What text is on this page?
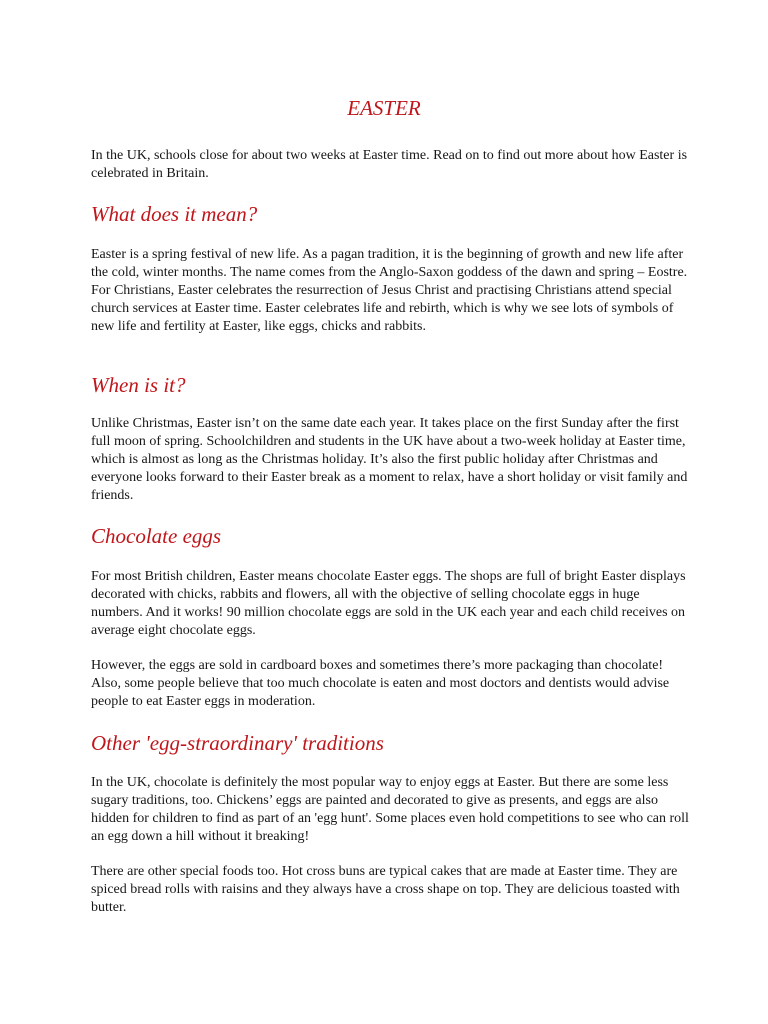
EASTER

In the UK, schools close for about two weeks at Easter time. Read on to find out more about how Easter is celebrated in Britain.

What does it mean?

Easter is a spring festival of new life. As a pagan tradition, it is the beginning of growth and new life after the cold, winter months. The name comes from the Anglo-Saxon goddess of the dawn and spring – Eostre. For Christians, Easter celebrates the resurrection of Jesus Christ and practising Christians attend special church services at Easter time. Easter celebrates life and rebirth, which is why we see lots of symbols of new life and fertility at Easter, like eggs, chicks and rabbits.

When is it?

Unlike Christmas, Easter isn’t on the same date each year. It takes place on the first Sunday after the first full moon of spring. Schoolchildren and students in the UK have about a two-week holiday at Easter time, which is almost as long as the Christmas holiday. It’s also the first public holiday after Christmas and everyone looks forward to their Easter break as a moment to relax, have a short holiday or visit family and friends.

Chocolate eggs

For most British children, Easter means chocolate Easter eggs. The shops are full of bright Easter displays decorated with chicks, rabbits and flowers, all with the objective of selling chocolate eggs in huge numbers. And it works! 90 million chocolate eggs are sold in the UK each year and each child receives on average eight chocolate eggs.

However, the eggs are sold in cardboard boxes and sometimes there’s more packaging than chocolate! Also, some people believe that too much chocolate is eaten and most doctors and dentists would advise people to eat Easter eggs in moderation.

Other 'egg-straordinary' traditions

In the UK, chocolate is definitely the most popular way to enjoy eggs at Easter. But there are some less sugary traditions, too. Chickens’ eggs are painted and decorated to give as presents, and eggs are also hidden for children to find as part of an 'egg hunt'. Some places even hold competitions to see who can roll an egg down a hill without it breaking!

There are other special foods too. Hot cross buns are typical cakes that are made at Easter time. They are spiced bread rolls with raisins and they always have a cross shape on top. They are delicious toasted with butter.
